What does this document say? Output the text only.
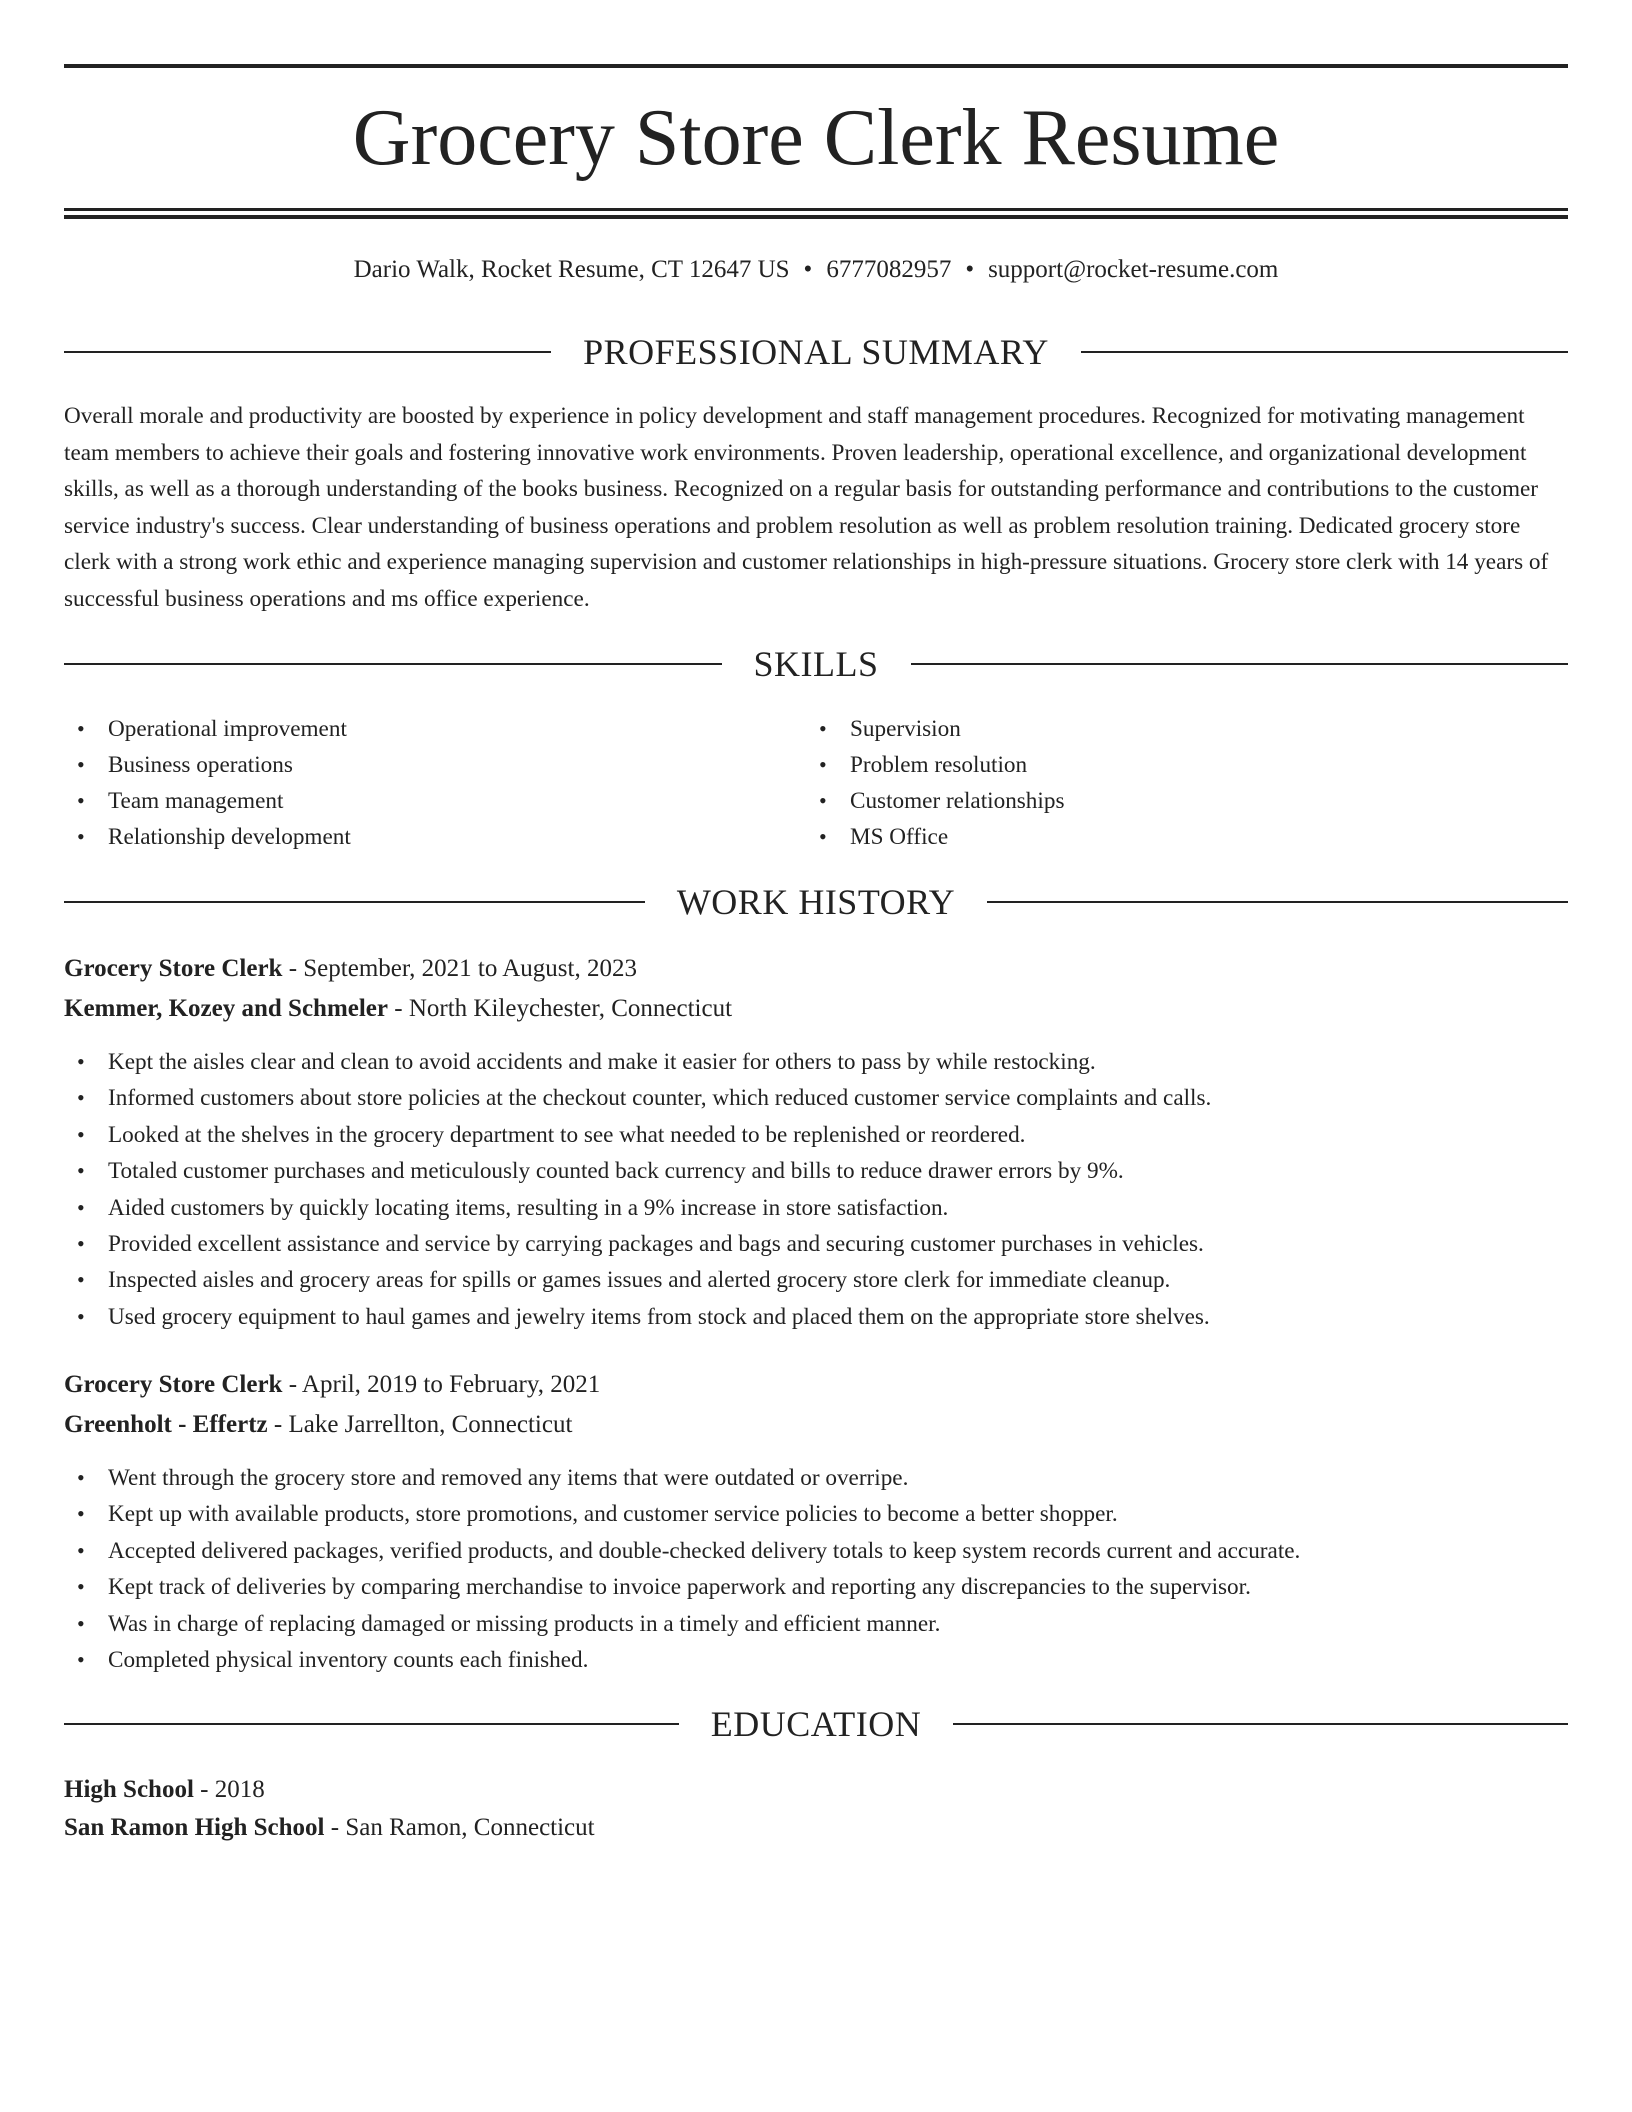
Grocery Store Clerk Resume
Dario Walk, Rocket Resume, CT 12647 US • 6777082957 • support@rocket-resume.com
PROFESSIONAL SUMMARY

Overall morale and productivity are boosted by experience in policy development and staff management procedures. Recognized for motivating management team members to achieve their goals and fostering innovative work environments. Proven leadership, operational excellence, and organizational development skills, as well as a thorough understanding of the books business. Recognized on a regular basis for outstanding performance and contributions to the customer service industry's success. Clear understanding of business operations and problem resolution as well as problem resolution training. Dedicated grocery store clerk with a strong work ethic and experience managing supervision and customer relationships in high-pressure situations. Grocery store clerk with 14 years of successful business operations and ms office experience.

SKILLS
• Operational improvement
• Business operations
• Team management
• Relationship development
• Supervision
• Problem resolution
• Customer relationships
• MS Office
WORK HISTORY
Grocery Store Clerk - September, 2021 to August, 2023
Kemmer, Kozey and Schmeler - North Kileychester, Connecticut
• Kept the aisles clear and clean to avoid accidents and make it easier for others to pass by while restocking.
• Informed customers about store policies at the checkout counter, which reduced customer service complaints and calls.
• Looked at the shelves in the grocery department to see what needed to be replenished or reordered.
• Totaled customer purchases and meticulously counted back currency and bills to reduce drawer errors by 9%.
• Aided customers by quickly locating items, resulting in a 9% increase in store satisfaction.
• Provided excellent assistance and service by carrying packages and bags and securing customer purchases in vehicles.
• Inspected aisles and grocery areas for spills or games issues and alerted grocery store clerk for immediate cleanup.
• Used grocery equipment to haul games and jewelry items from stock and placed them on the appropriate store shelves.
Grocery Store Clerk - April, 2019 to February, 2021
Greenholt - Effertz - Lake Jarrellton, Connecticut
• Went through the grocery store and removed any items that were outdated or overripe.
• Kept up with available products, store promotions, and customer service policies to become a better shopper.
• Accepted delivered packages, verified products, and double-checked delivery totals to keep system records current and accurate.
• Kept track of deliveries by comparing merchandise to invoice paperwork and reporting any discrepancies to the supervisor.
• Was in charge of replacing damaged or missing products in a timely and efficient manner.
• Completed physical inventory counts each finished.
EDUCATION
High School - 2018
San Ramon High School - San Ramon, Connecticut
